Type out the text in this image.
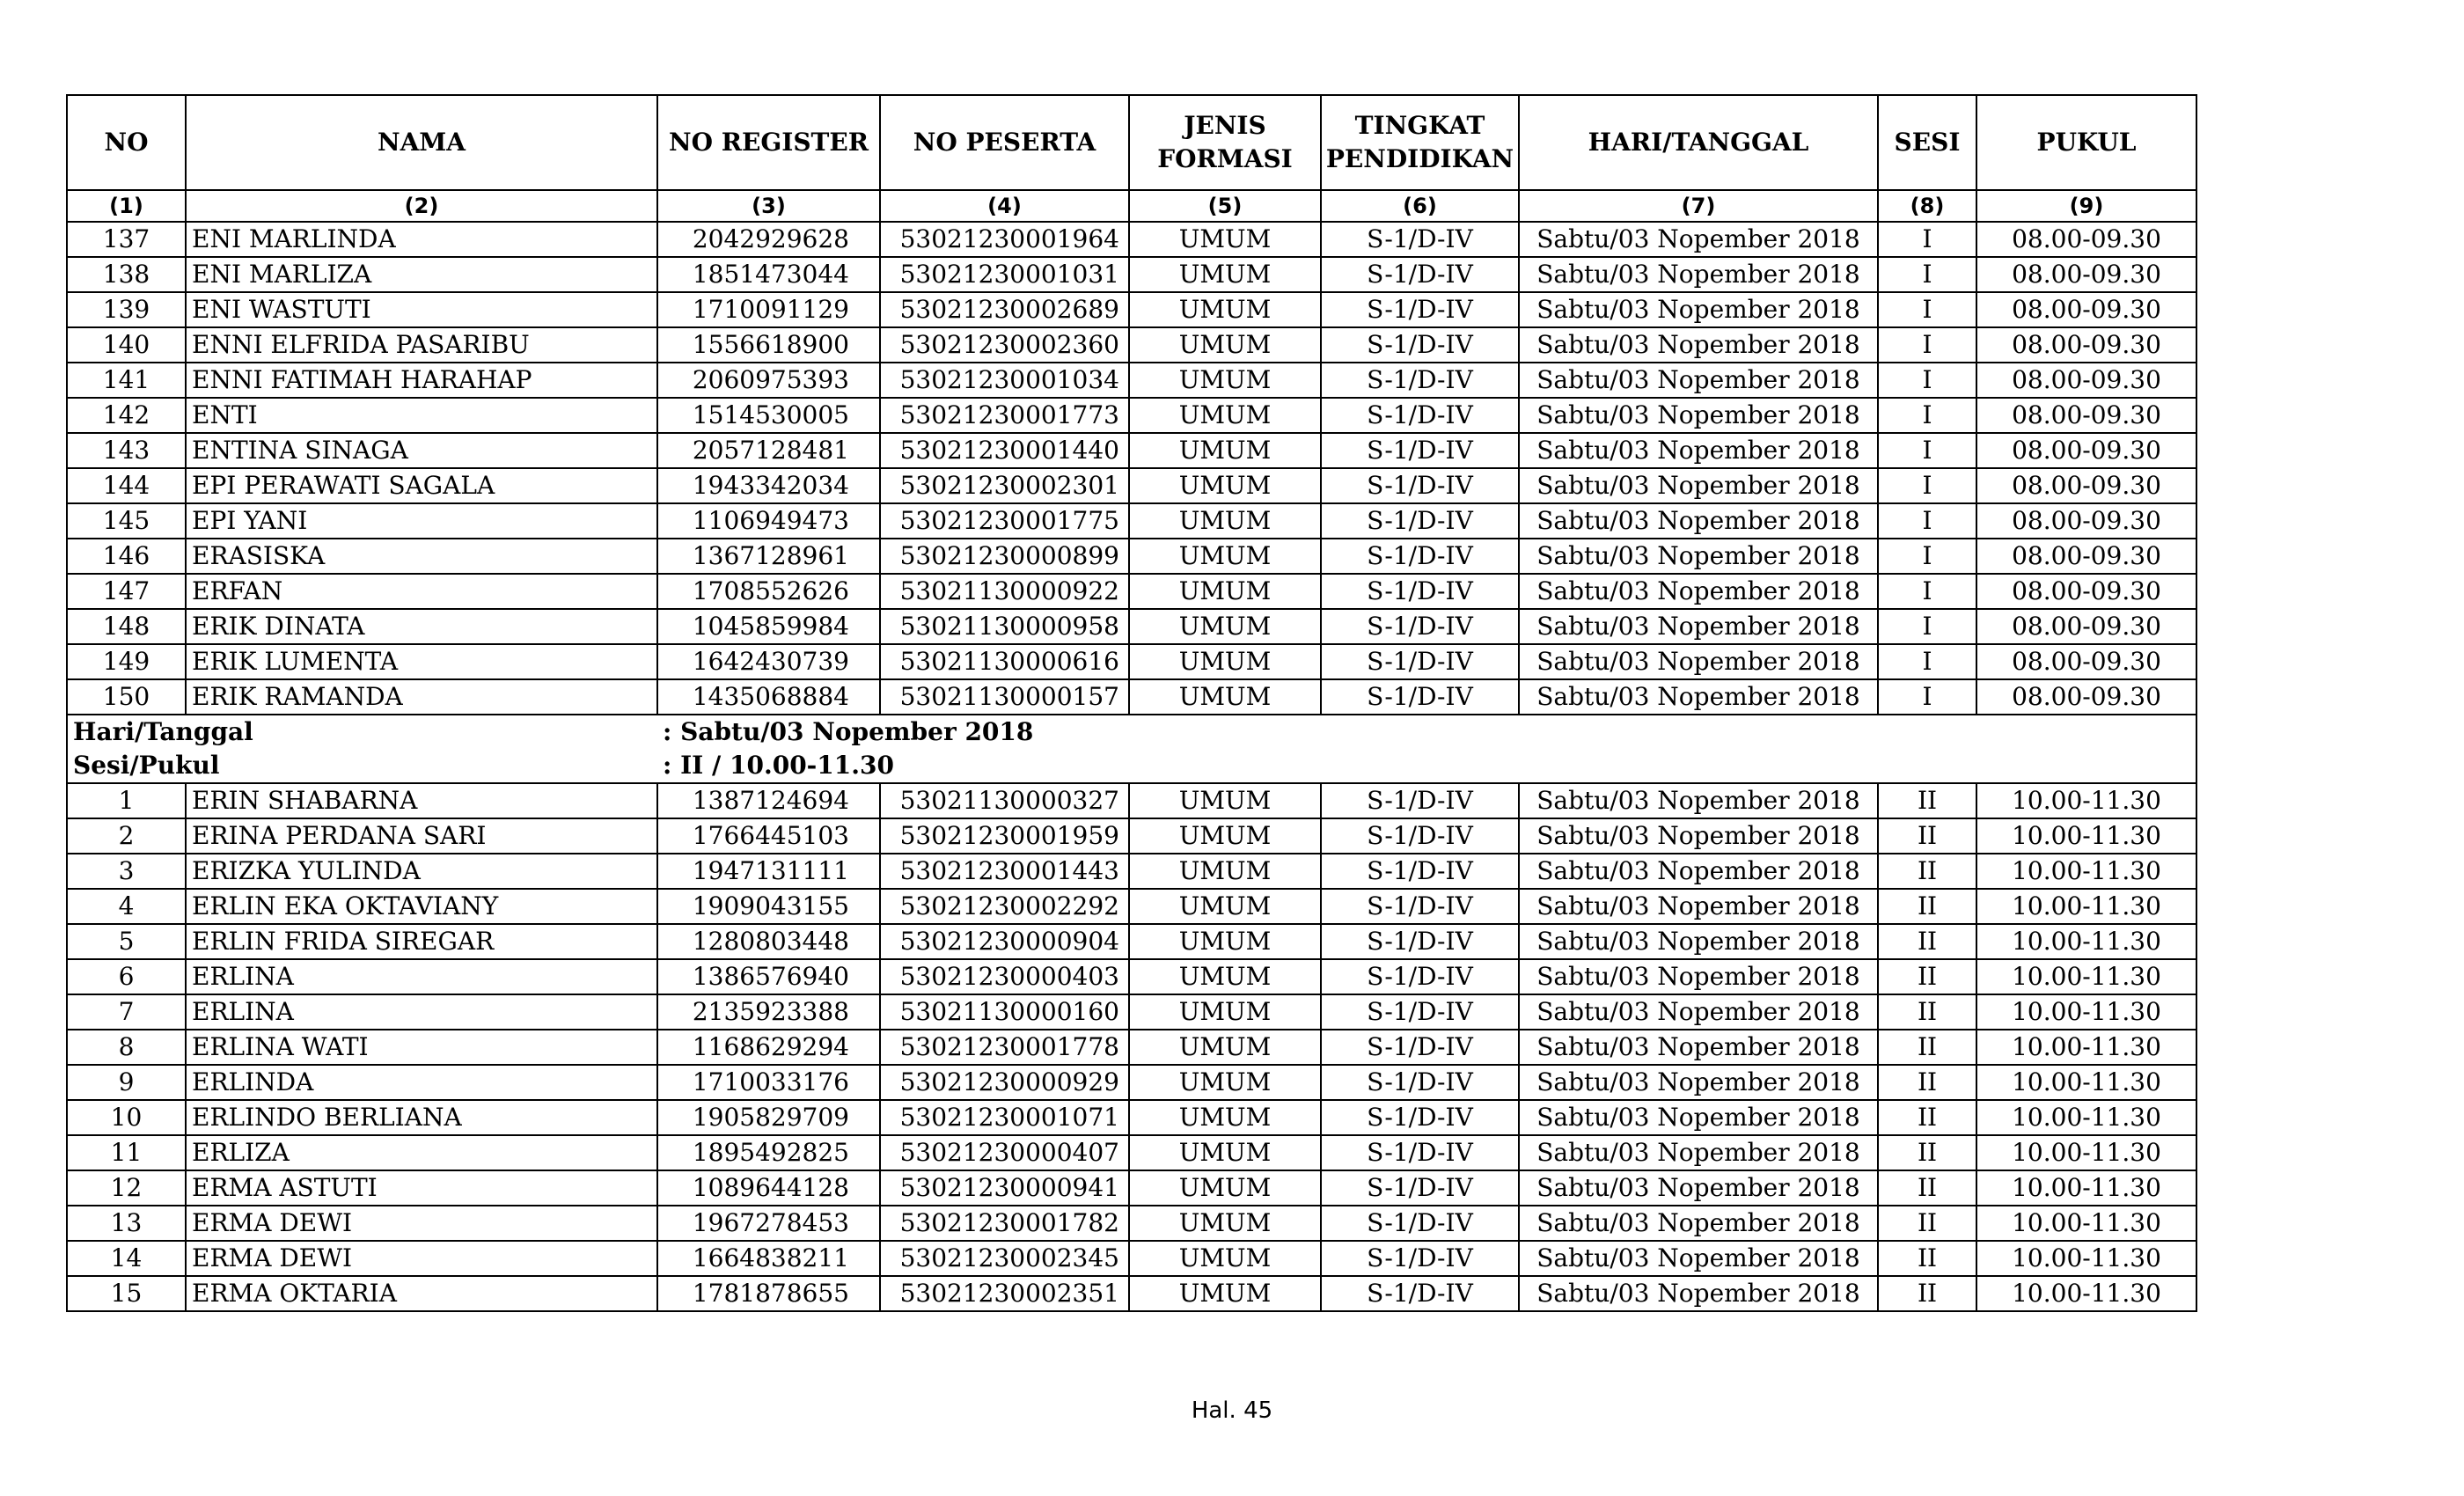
NO	NAMA	NO REGISTER	NO PESERTA	JENIS FORMASI	TINGKAT PENDIDIKAN	HARI/TANGGAL	SESI	PUKUL
(1)	(2)	(3)	(4)	(5)	(6)	(7)	(8)	(9)
137	ENI MARLINDA	2042929628	53021230001964	UMUM	S-1/D-IV	Sabtu/03 Nopember 2018	I	08.00-09.30
138	ENI MARLIZA	1851473044	53021230001031	UMUM	S-1/D-IV	Sabtu/03 Nopember 2018	I	08.00-09.30
139	ENI WASTUTI	1710091129	53021230002689	UMUM	S-1/D-IV	Sabtu/03 Nopember 2018	I	08.00-09.30
140	ENNI ELFRIDA PASARIBU	1556618900	53021230002360	UMUM	S-1/D-IV	Sabtu/03 Nopember 2018	I	08.00-09.30
141	ENNI FATIMAH HARAHAP	2060975393	53021230001034	UMUM	S-1/D-IV	Sabtu/03 Nopember 2018	I	08.00-09.30
142	ENTI	1514530005	53021230001773	UMUM	S-1/D-IV	Sabtu/03 Nopember 2018	I	08.00-09.30
143	ENTINA SINAGA	2057128481	53021230001440	UMUM	S-1/D-IV	Sabtu/03 Nopember 2018	I	08.00-09.30
144	EPI PERAWATI SAGALA	1943342034	53021230002301	UMUM	S-1/D-IV	Sabtu/03 Nopember 2018	I	08.00-09.30
145	EPI YANI	1106949473	53021230001775	UMUM	S-1/D-IV	Sabtu/03 Nopember 2018	I	08.00-09.30
146	ERASISKA	1367128961	53021230000899	UMUM	S-1/D-IV	Sabtu/03 Nopember 2018	I	08.00-09.30
147	ERFAN	1708552626	53021130000922	UMUM	S-1/D-IV	Sabtu/03 Nopember 2018	I	08.00-09.30
148	ERIK DINATA	1045859984	53021130000958	UMUM	S-1/D-IV	Sabtu/03 Nopember 2018	I	08.00-09.30
149	ERIK LUMENTA	1642430739	53021130000616	UMUM	S-1/D-IV	Sabtu/03 Nopember 2018	I	08.00-09.30
150	ERIK RAMANDA	1435068884	53021130000157	UMUM	S-1/D-IV	Sabtu/03 Nopember 2018	I	08.00-09.30
Hari/Tanggal		: Sabtu/03 Nopember 2018						
Sesi/Pukul		: II / 10.00-11.30						
1	ERIN SHABARNA	1387124694	53021130000327	UMUM	S-1/D-IV	Sabtu/03 Nopember 2018	II	10.00-11.30
2	ERINA PERDANA SARI	1766445103	53021230001959	UMUM	S-1/D-IV	Sabtu/03 Nopember 2018	II	10.00-11.30
3	ERIZKA YULINDA	1947131111	53021230001443	UMUM	S-1/D-IV	Sabtu/03 Nopember 2018	II	10.00-11.30
4	ERLIN EKA OKTAVIANY	1909043155	53021230002292	UMUM	S-1/D-IV	Sabtu/03 Nopember 2018	II	10.00-11.30
5	ERLIN FRIDA SIREGAR	1280803448	53021230000904	UMUM	S-1/D-IV	Sabtu/03 Nopember 2018	II	10.00-11.30
6	ERLINA	1386576940	53021230000403	UMUM	S-1/D-IV	Sabtu/03 Nopember 2018	II	10.00-11.30
7	ERLINA	2135923388	53021130000160	UMUM	S-1/D-IV	Sabtu/03 Nopember 2018	II	10.00-11.30
8	ERLINA WATI	1168629294	53021230001778	UMUM	S-1/D-IV	Sabtu/03 Nopember 2018	II	10.00-11.30
9	ERLINDA	1710033176	53021230000929	UMUM	S-1/D-IV	Sabtu/03 Nopember 2018	II	10.00-11.30
10	ERLINDO BERLIANA	1905829709	53021230001071	UMUM	S-1/D-IV	Sabtu/03 Nopember 2018	II	10.00-11.30
11	ERLIZA	1895492825	53021230000407	UMUM	S-1/D-IV	Sabtu/03 Nopember 2018	II	10.00-11.30
12	ERMA ASTUTI	1089644128	53021230000941	UMUM	S-1/D-IV	Sabtu/03 Nopember 2018	II	10.00-11.30
13	ERMA DEWI	1967278453	53021230001782	UMUM	S-1/D-IV	Sabtu/03 Nopember 2018	II	10.00-11.30
14	ERMA DEWI	1664838211	53021230002345	UMUM	S-1/D-IV	Sabtu/03 Nopember 2018	II	10.00-11.30
15	ERMA OKTARIA	1781878655	53021230002351	UMUM	S-1/D-IV	Sabtu/03 Nopember 2018	II	10.00-11.30
Hal. 45
